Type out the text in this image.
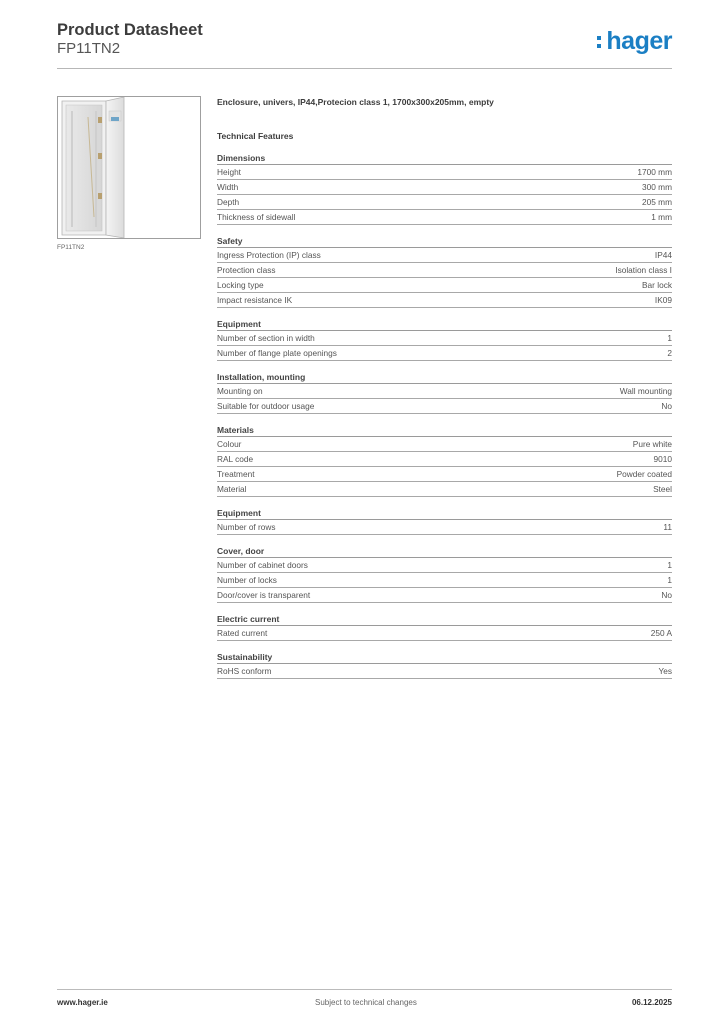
Product Datasheet
FP11TN2	hager
FP11TN2
Enclosure, univers, IP44,Protecion class 1, 1700x300x205mm, empty
Technical Features
Dimensions
Height	1700 mm
Width	300 mm
Depth	205 mm
Thickness of sidewall	1 mm
Safety
Ingress Protection (IP) class	IP44
Protection class	Isolation class I
Locking type	Bar lock
Impact resistance IK	IK09
Equipment
Number of section in width	1
Number of flange plate openings	2
Installation, mounting
Mounting on	Wall mounting
Suitable for outdoor usage	No
Materials
Colour	Pure white
RAL code	9010
Treatment	Powder coated
Material	Steel
Equipment
Number of rows	11
Cover, door
Number of cabinet doors	1
Number of locks	1
Door/cover is transparent	No
Electric current
Rated current	250 A
Sustainability
RoHS conform	Yes
www.hager.ie	Subject to technical changes	06.12.2025
